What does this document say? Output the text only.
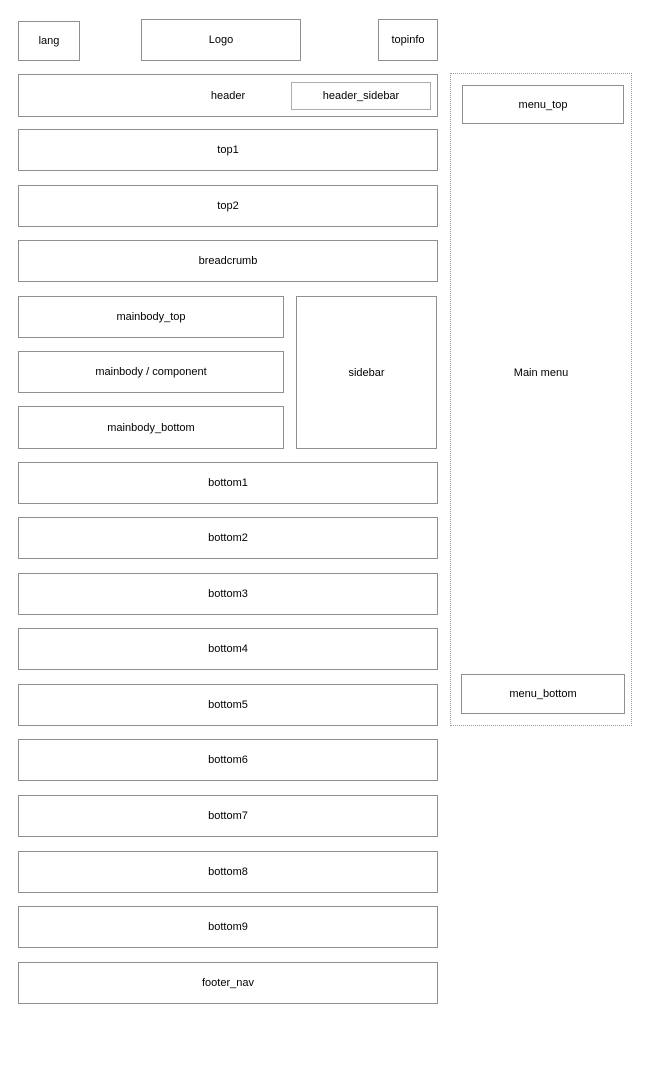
lang	Logo	topinfo
header	header_sidebar
top1
top2
breadcrumb
mainbody_top
mainbody / component
mainbody_bottom
sidebar
bottom1
bottom2
bottom3
bottom4
bottom5
bottom6
bottom7
bottom8
bottom9
footer_nav
menu_top
Main menu
menu_bottom
